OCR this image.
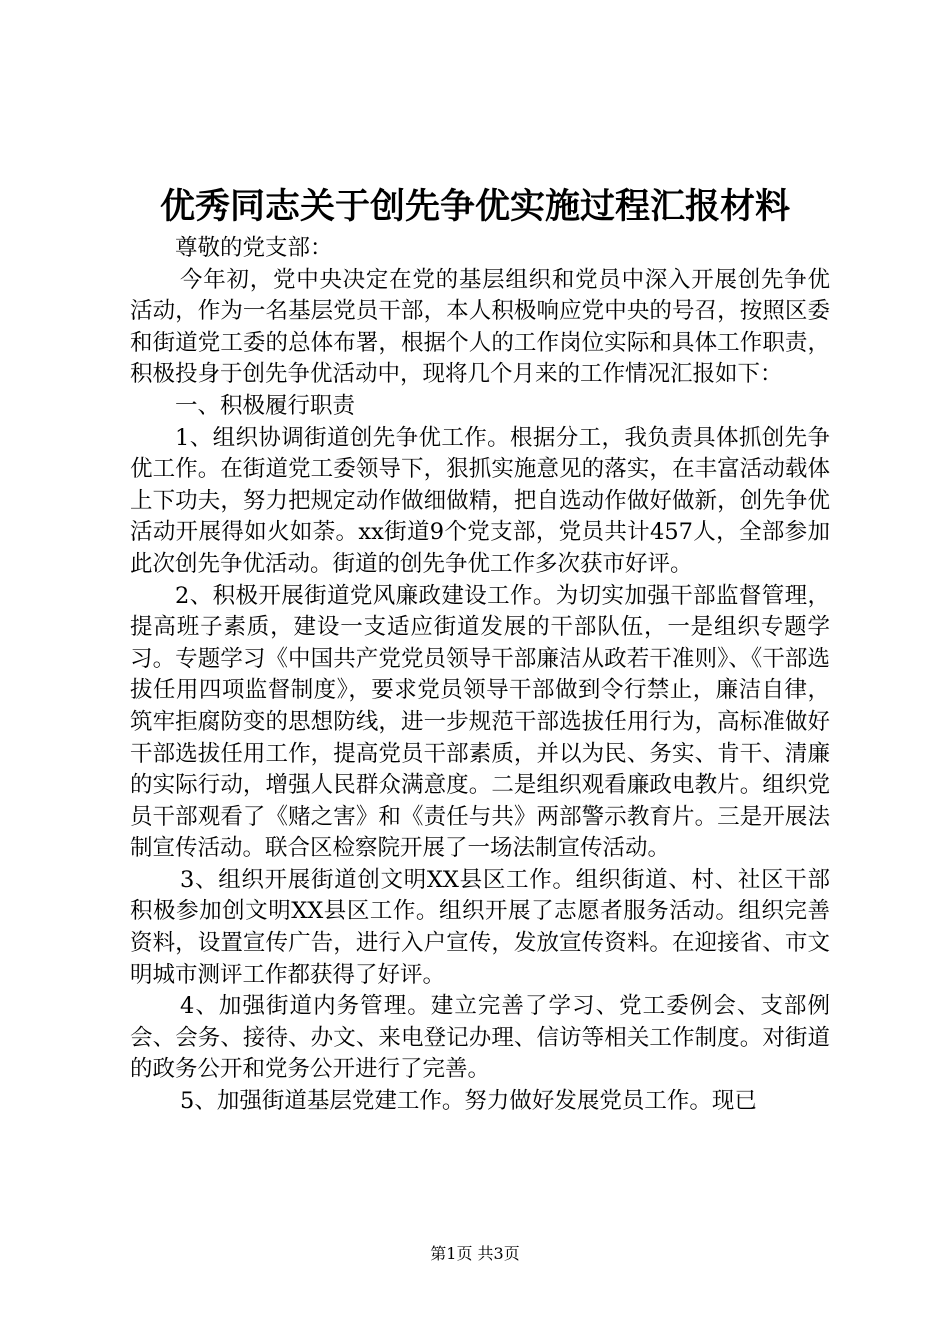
优秀同志关于创先争优实施过程汇报材料

尊敬的党支部：

今年初，党中央决定在党的基层组织和党员中深入开展创先争优活动，作为一名基层党员干部，本人积极响应党中央的号召，按照区委和街道党工委的总体布署，根据个人的工作岗位实际和具体工作职责，积极投身于创先争优活动中，现将几个月来的工作情况汇报如下：

一、积极履行职责

1、组织协调街道创先争优工作。根据分工，我负责具体抓创先争优工作。在街道党工委领导下，狠抓实施意见的落实，在丰富活动载体上下功夫，努力把规定动作做细做精，把自选动作做好做新，创先争优活动开展得如火如荼。xx街道9个党支部，党员共计457人，全部参加此次创先争优活动。街道的创先争优工作多次获市好评。

2、积极开展街道党风廉政建设工作。为切实加强干部监督管理，提高班子素质，建设一支适应街道发展的干部队伍，一是组织专题学习。专题学习《中国共产党党员领导干部廉洁从政若干准则》、《干部选拔任用四项监督制度》，要求党员领导干部做到令行禁止，廉洁自律，筑牢拒腐防变的思想防线，进一步规范干部选拔任用行为，高标准做好干部选拔任用工作，提高党员干部素质，并以为民、务实、肯干、清廉的实际行动，增强人民群众满意度。二是组织观看廉政电教片。组织党员干部观看了《赌之害》和《责任与共》两部警示教育片。三是开展法制宣传活动。联合区检察院开展了一场法制宣传活动。

3、组织开展街道创文明XX县区工作。组织街道、村、社区干部积极参加创文明XX县区工作。组织开展了志愿者服务活动。组织完善资料，设置宣传广告，进行入户宣传，发放宣传资料。在迎接省、市文明城市测评工作都获得了好评。

4、加强街道内务管理。建立完善了学习、党工委例会、支部例会、会务、接待、办文、来电登记办理、信访等相关工作制度。对街道的政务公开和党务公开进行了完善。

5、加强街道基层党建工作。努力做好发展党员工作。现已

第1页 共3页
